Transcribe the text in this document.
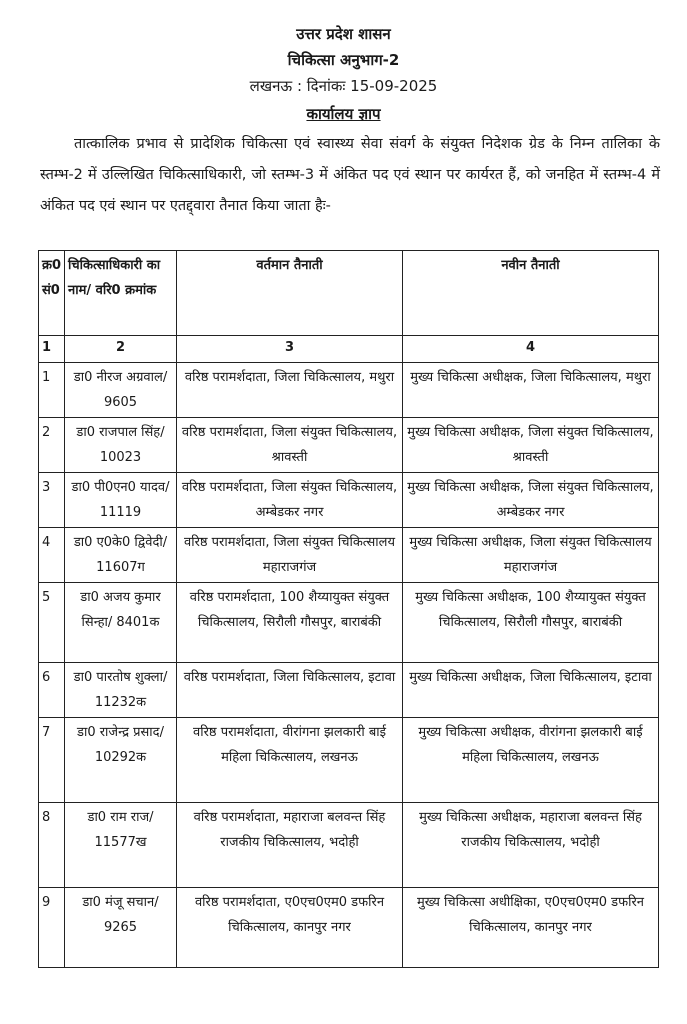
उत्तर प्रदेश शासन
चिकित्सा अनुभाग-2
लखनऊ : दिनांकः 15-09-2025
कार्यालय ज्ञाप

तात्कालिक प्रभाव से प्रादेशिक चिकित्सा एवं स्वास्थ्य सेवा संवर्ग के संयुक्त निदेशक ग्रेड के निम्न तालिका के स्तम्भ-2 में उल्लिखित चिकित्साधिकारी, जो स्तम्भ-3 में अंकित पद एवं स्थान पर कार्यरत हैं, को जनहित में स्तम्भ-4 में अंकित पद एवं स्थान पर एतद्द्वारा तैनात किया जाता हैः-

क्र0 सं0	चिकित्साधिकारी का नाम/ वरि0 क्रमांक	वर्तमान तैनाती	नवीन तैनाती
1	2	3	4
1	डा0 नीरज अग्रवाल/ 9605	वरिष्ठ परामर्शदाता, जिला चिकित्सालय, मथुरा	मुख्य चिकित्सा अधीक्षक, जिला चिकित्सालय, मथुरा
2	डा0 राजपाल सिंह/ 10023	वरिष्ठ परामर्शदाता, जिला संयुक्त चिकित्सालय, श्रावस्ती	मुख्य चिकित्सा अधीक्षक, जिला संयुक्त चिकित्सालय, श्रावस्ती
3	डा0 पी0एन0 यादव/ 11119	वरिष्ठ परामर्शदाता, जिला संयुक्त चिकित्सालय, अम्बेडकर नगर	मुख्य चिकित्सा अधीक्षक, जिला संयुक्त चिकित्सालय, अम्बेडकर नगर
4	डा0 ए0के0 द्विवेदी/ 11607ग	वरिष्ठ परामर्शदाता, जिला संयुक्त चिकित्सालय महाराजगंज	मुख्य चिकित्सा अधीक्षक, जिला संयुक्त चिकित्सालय महाराजगंज
5	डा0 अजय कुमार सिन्हा/ 8401क	वरिष्ठ परामर्शदाता, 100 शैय्यायुक्त संयुक्त चिकित्सालय, सिरौली गौसपुर, बाराबंकी	मुख्य चिकित्सा अधीक्षक, 100 शैय्यायुक्त संयुक्त चिकित्सालय, सिरौली गौसपुर, बाराबंकी
6	डा0 पारतोष शुक्ला/ 11232क	वरिष्ठ परामर्शदाता, जिला चिकित्सालय, इटावा	मुख्य चिकित्सा अधीक्षक, जिला चिकित्सालय, इटावा
7	डा0 राजेन्द्र प्रसाद/ 10292क	वरिष्ठ परामर्शदाता, वीरांगना झलकारी बाई महिला चिकित्सालय, लखनऊ	मुख्य चिकित्सा अधीक्षक, वीरांगना झलकारी बाई महिला चिकित्सालय, लखनऊ
8	डा0 राम राज/ 11577ख	वरिष्ठ परामर्शदाता, महाराजा बलवन्त सिंह राजकीय चिकित्सालय, भदोही	मुख्य चिकित्सा अधीक्षक, महाराजा बलवन्त सिंह राजकीय चिकित्सालय, भदोही
9	डा0 मंजू सचान/ 9265	वरिष्ठ परामर्शदाता, ए0एच0एम0 डफरिन चिकित्सालय, कानपुर नगर	मुख्य चिकित्सा अधीक्षिका, ए0एच0एम0 डफरिन चिकित्सालय, कानपुर नगर
